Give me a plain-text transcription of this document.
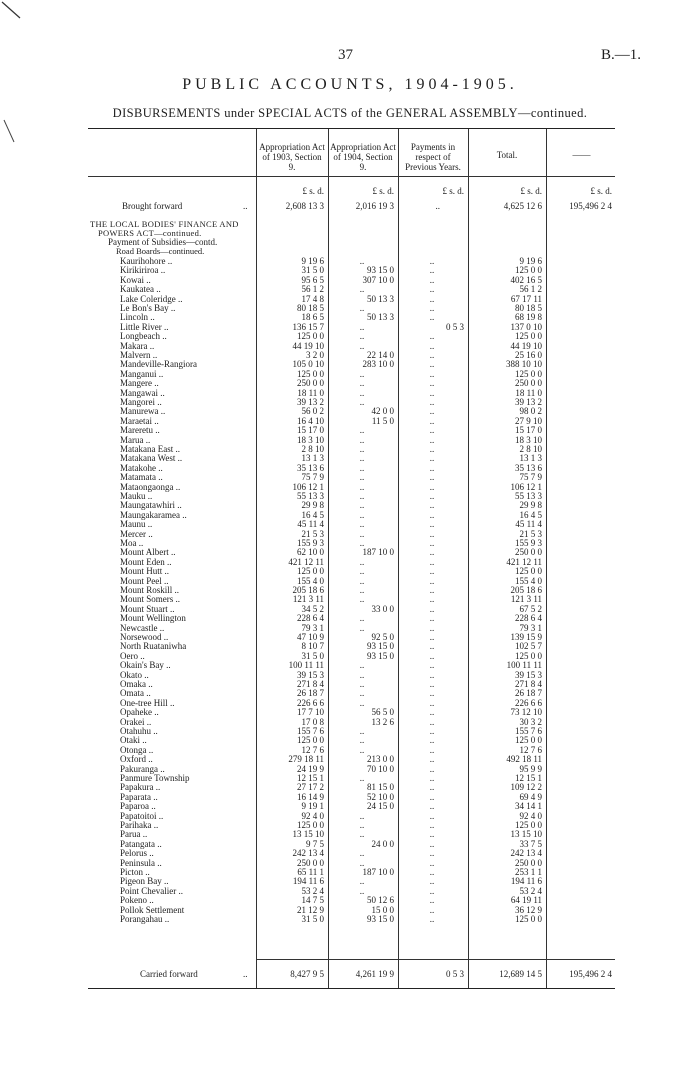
37	B.—1.
PUBLIC ACCOUNTS, 1904-1905.
DISBURSEMENTS under SPECIAL ACTS of the GENERAL ASSEMBLY—continued.
Appropriation Act of 1903, Section 9.
Appropriation Act of 1904, Section 9.
Payments in respect of Previous Years.
Total.	——
£ s. d.	£ s. d.	£ s. d.	£ s. d.	£ s. d.
Brought forward	..	2,608 13 3	2,016 19 3	..	4,625 12 6	195,496 2 4
THE LOCAL BODIES' FINANCE AND
POWERS ACT—continued.
Payment of Subsidies—contd.
Road Boards—continued.
Kaurihohore ..	9 19 6	..	..	9 19 6
Kirikiriroa ..	31 5 0	93 15 0	..	125 0 0
Kowai ..	95 6 5	307 10 0	..	402 16 5
Kaukatea ..	56 1 2	..	..	56 1 2
Lake Coleridge ..	17 4 8	50 13 3	..	67 17 11
Le Bon's Bay ..	80 18 5	..	..	80 18 5
Lincoln ..	18 6 5	50 13 3	..	68 19 8
Little River ..	136 15 7	..	0 5 3	137 0 10
Longbeach ..	125 0 0	..	..	125 0 0
Makara ..	44 19 10	..	..	44 19 10
Malvern ..	3 2 0	22 14 0	..	25 16 0
Mandeville-Rangiora	105 0 10	283 10 0	..	388 10 10
Manganui ..	125 0 0	..	..	125 0 0
Mangere ..	250 0 0	..	..	250 0 0
Mangawai ..	18 11 0	..	..	18 11 0
Mangorei ..	39 13 2	..	..	39 13 2
Manurewa ..	56 0 2	42 0 0	..	98 0 2
Maraetai ..	16 4 10	11 5 0	..	27 9 10
Mareretu ..	15 17 0	..	..	15 17 0
Marua ..	18 3 10	..	..	18 3 10
Matakana East ..	2 8 10	..	..	2 8 10
Matakana West ..	13 1 3	..	..	13 1 3
Matakohe ..	35 13 6	..	..	35 13 6
Matamata ..	75 7 9	..	..	75 7 9
Mataongaonga ..	106 12 1	..	..	106 12 1
Mauku ..	55 13 3	..	..	55 13 3
Maungatawhiri ..	29 9 8	..	..	29 9 8
Maungakaramea ..	16 4 5	..	..	16 4 5
Maunu ..	45 11 4	..	..	45 11 4
Mercer ..	21 5 3	..	..	21 5 3
Moa ..	155 9 3	..	..	155 9 3
Mount Albert ..	62 10 0	187 10 0	..	250 0 0
Mount Eden ..	421 12 11	..	..	421 12 11
Mount Hutt ..	125 0 0	..	..	125 0 0
Mount Peel ..	155 4 0	..	..	155 4 0
Mount Roskill ..	205 18 6	..	..	205 18 6
Mount Somers ..	121 3 11	..	..	121 3 11
Mount Stuart ..	34 5 2	33 0 0	..	67 5 2
Mount Wellington	228 6 4	..	..	228 6 4
Newcastle ..	79 3 1	..	..	79 3 1
Norsewood ..	47 10 9	92 5 0	..	139 15 9
North Ruataniwha	8 10 7	93 15 0	..	102 5 7
Oero ..	31 5 0	93 15 0	..	125 0 0
Okain's Bay ..	100 11 11	..	..	100 11 11
Okato ..	39 15 3	..	..	39 15 3
Omaka ..	271 8 4	..	..	271 8 4
Omata ..	26 18 7	..	..	26 18 7
One-tree Hill ..	226 6 6	..	..	226 6 6
Opaheke ..	17 7 10	56 5 0	..	73 12 10
Orakei ..	17 0 8	13 2 6	..	30 3 2
Otahuhu ..	155 7 6	..	..	155 7 6
Otaki ..	125 0 0	..	..	125 0 0
Otonga ..	12 7 6	..	..	12 7 6
Oxford ..	279 18 11	213 0 0	..	492 18 11
Pakuranga ..	24 19 9	70 10 0	..	95 9 9
Panmure Township	12 15 1	..	..	12 15 1
Papakura ..	27 17 2	81 15 0	..	109 12 2
Paparata ..	16 14 9	52 10 0	..	69 4 9
Paparoa ..	9 19 1	24 15 0	..	34 14 1
Papatoitoi ..	92 4 0	..	..	92 4 0
Parihaka ..	125 0 0	..	..	125 0 0
Parua ..	13 15 10	..	..	13 15 10
Patangata ..	9 7 5	24 0 0	..	33 7 5
Pelorus ..	242 13 4	..	..	242 13 4
Peninsula ..	250 0 0	..	..	250 0 0
Picton ..	65 11 1	187 10 0	..	253 1 1
Pigeon Bay ..	194 11 6	..	..	194 11 6
Point Chevalier ..	53 2 4	..	..	53 2 4
Pokeno ..	14 7 5	50 12 6	..	64 19 11
Pollok Settlement	21 12 9	15 0 0	..	36 12 9
Porangahau ..	31 5 0	93 15 0	..	125 0 0
Carried forward	..	8,427 9 5	4,261 19 9	0 5 3	12,689 14 5	195,496 2 4
